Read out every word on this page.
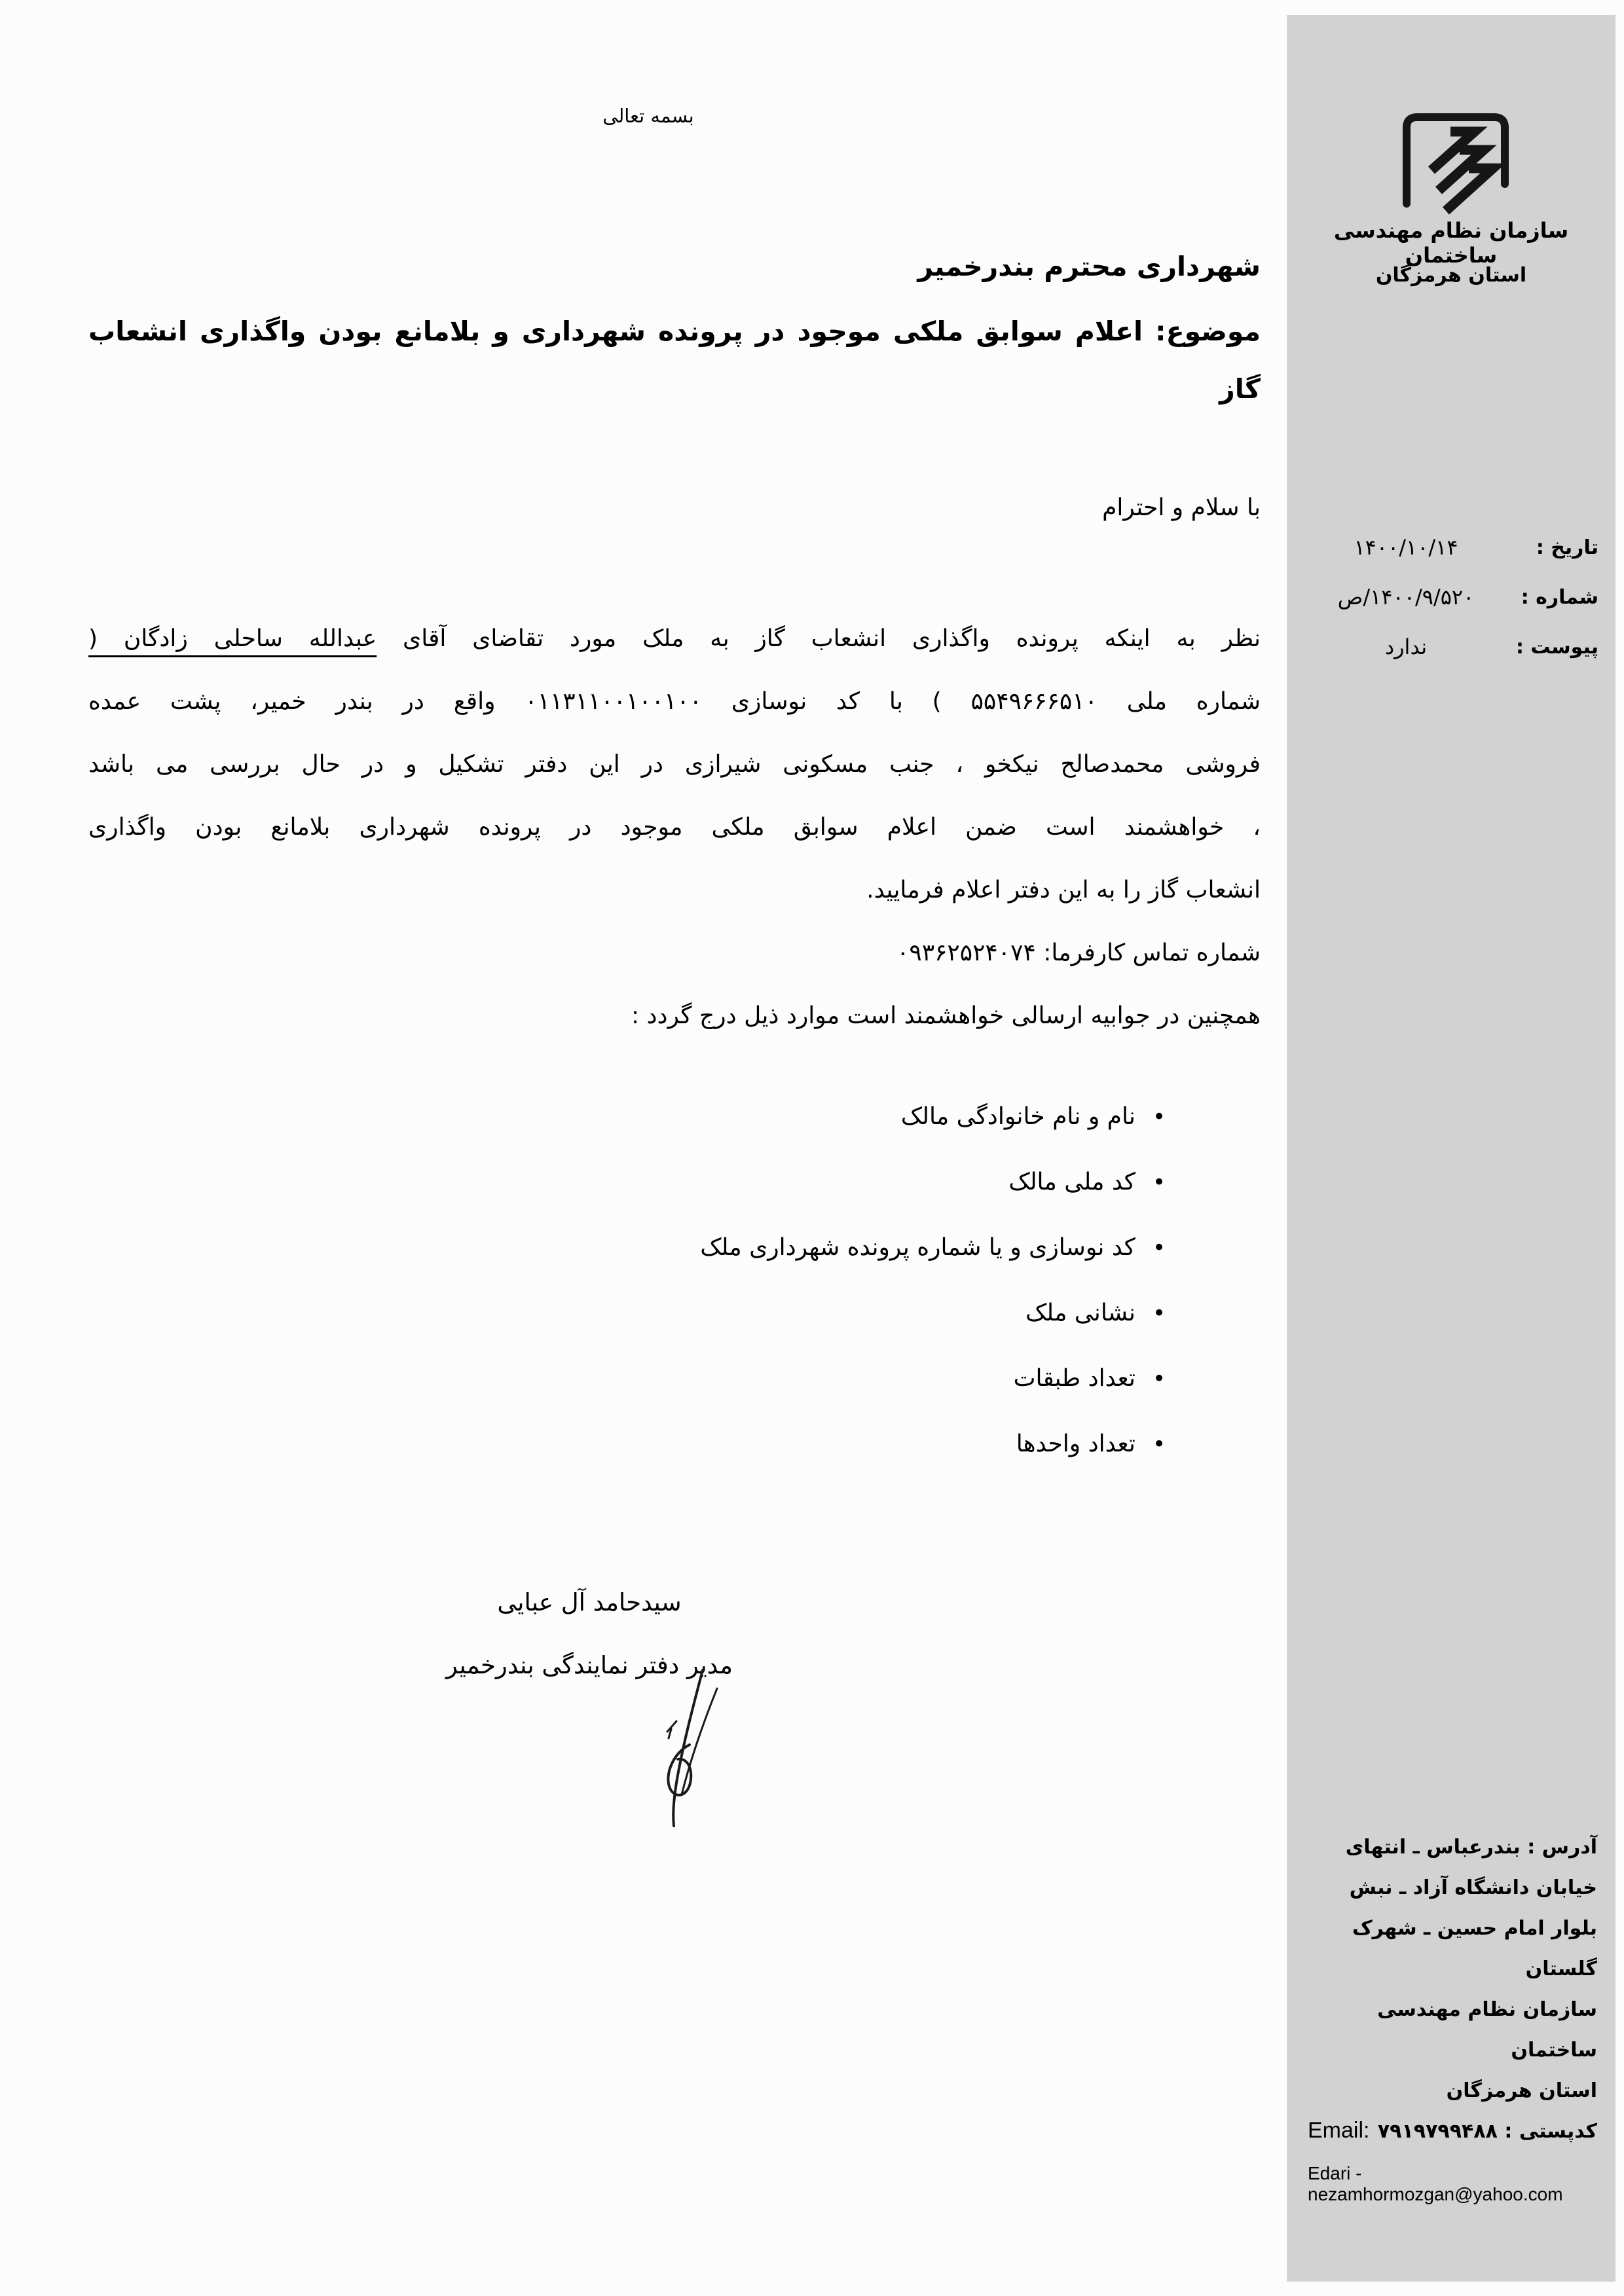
بسمه تعالی
شهرداری محترم بندرخمیر
موضوع: اعلام سوابق ملکی موجود در پرونده شهرداری و بلامانع بودن واگذاری انشعاب
گاز
با سلام و احترام
نظر به اینکه پرونده واگذاری انشعاب گاز به ملک مورد تقاضای آقای عبدالله ساحلی زادگان (
شماره ملی ۵۵۴۹۶۶۶۵۱۰ ) با کد نوسازی ۰۱۱۳۱۱۰۰۱۰۰۱۰۰ واقع در بندر خمیر، پشت عمده
فروشی محمدصالح نیکخو ، جنب مسکونی شیرازی در این دفتر تشکیل و در حال بررسی می باشد
، خواهشمند است ضمن اعلام سوابق ملکی موجود در پرونده شهرداری بلامانع بودن واگذاری
انشعاب گاز را به این دفتر اعلام فرمایید.
شماره تماس کارفرما: ۰۹۳۶۲۵۲۴۰۷۴
همچنین در جوابیه ارسالی خواهشمند است موارد ذیل درج گردد :
• نام و نام خانوادگی مالک
• کد ملی مالک
• کد نوسازی و یا شماره پرونده شهرداری ملک
• نشانی ملک
• تعداد طبقات
• تعداد واحدها
سیدحامد آل عبایی
مدیر دفتر نمایندگی بندرخمیر
سازمان نظام مهندسی ساختمان
استان هرمزگان
تاریخ :
۱۴۰۰/۱۰/۱۴
شماره :
۱۴۰۰/۹/۵۲۰/ص
پیوست :
ندارد
آدرس : بندرعباس ـ انتهای
خیابان دانشگاه آزاد ـ نبش
بلوار امام حسین ـ شهرک
گلستان
سازمان نظام مهندسی ساختمان
استان هرمزگان
کدپستی : ۷۹۱۹۷۹۹۴۸۸
Email:
Edari - nezamhormozgan@yahoo.com
